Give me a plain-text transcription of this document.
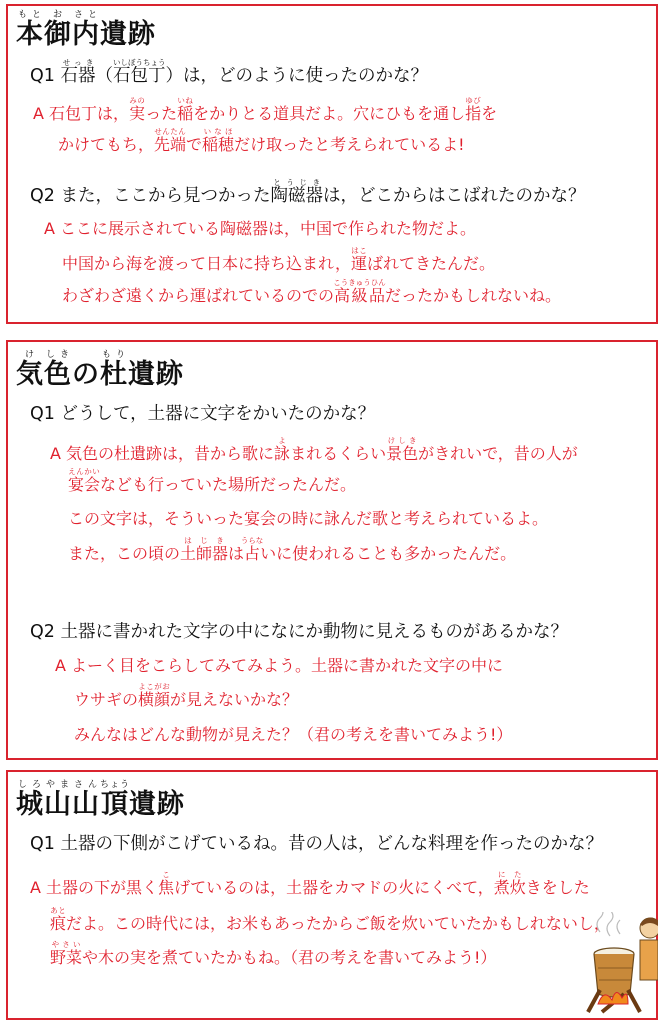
本もと御お内さと遺跡
Q1 石器せっき（石包丁いしぼうちょう）は，どのように使ったのかな？
A 石包丁は，実みのった稲いねをかりとる道具だよ。穴にひもを通し指ゆびを
かけてもち，先端せんたんで稲穂いなほだけ取ったと考えられているよ!
Q2 また，ここから見つかった陶磁器とうじきは，どこからはこばれたのかな？
A ここに展示されている陶磁器は，中国で作られた物だよ。
中国から海を渡って日本に持ち込まれ，運はこばれてきたんだ。
わざわざ遠くから運ばれているのでの高級品こうきゅうひんだったかもしれないね。
気け色しきの杜もり遺跡
Q1 どうして，土器に文字をかいたのかな？
A 気色の杜遺跡は，昔から歌に詠よまれるくらい景色けしきがきれいで，昔の人が
宴会えんかいなども行っていた場所だったんだ。
この文字は，そういった宴会の時に詠んだ歌と考えられているよ。
また，この頃の土師器はじきは占うらないに使われることも多かったんだ。
Q2 土器に書かれた文字の中になにか動物に見えるものがあるかな？
A よーく目をこらしてみてみよう。土器に書かれた文字の中に
ウサギの横顔よこがおが見えないかな？
みんなはどんな動物が見えた？（君の考えを書いてみよう!）
城しろ山やま山さん頂ちょう遺跡
Q1 土器の下側がこげているね。昔の人は，どんな料理を作ったのかな？
A 土器の下が黒く焦こげているのは，土器をカマドの火にくべて，煮に炊たきをした
痕あとだよ。この時代には，お米もあったからご飯を炊いていたかもしれないし，
野菜やさいや木の実を煮ていたかもね。（君の考えを書いてみよう!）
